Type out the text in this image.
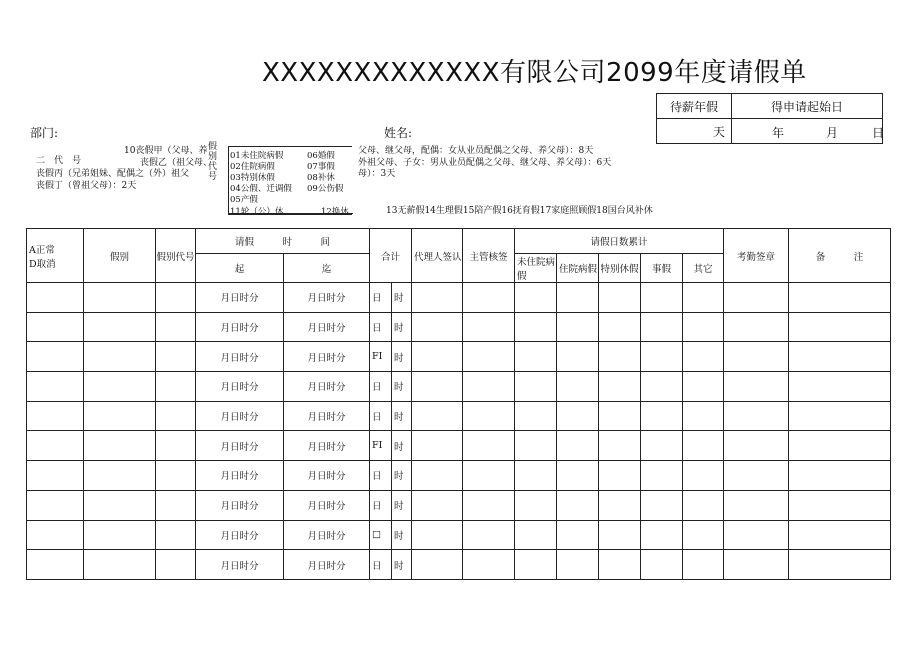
XXXXXXXXXXXXX有限公司2099年度请假单
待薪年假	得申请起始日
天	年 月 日
部门:	姓名:
二　代　号
10丧假甲（父母、养
丧假乙（祖父母、
丧假丙（兄弟姐妹、配偶之（外）祖父
丧假丁（曾祖父母）：2天
假别代号
01未住院病假
02住院病假
03特别休假
04公假、迁调假
05产假
11轮（公）休
06婚假
07事假
08补休
09公伤假
12换休
父母、继父母，配偶：女从业员配偶之父母、养父母）：8天
外祖父母、子女：男从业员配偶之父母、继父母、养父母）：6天
母）：3天
13无薪假14生理假15陪产假16抚育假17家庭照顾假18国台风补休
A正常
D取消	假别	假别代号	请假　　　时　　　间		合计		代理人签认	主管核签	请假日数累计					考勤签章	备　　　注
			起	迄					未住院病假	住院病假	特别休假	事假	其它		
			月日时分	月日时分	日	时									
			月日时分	月日时分	日	时									
			月日时分	月日时分	FI	时									
			月日时分	月日时分	日	时									
			月日时分	月日时分	日	时									
			月日时分	月日时分	FI	时									
			月日时分	月日时分	日	时									
			月日时分	月日时分	日	时									
			月日时分	月日时分	□	时									
			月日时分	月日时分	日	时									
